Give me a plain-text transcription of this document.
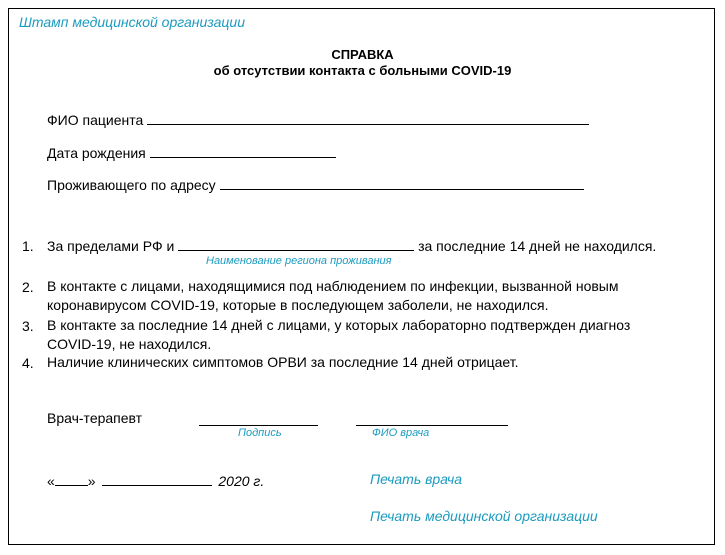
Штамп медицинской организации
СПРАВКА
об отсутствии контакта с больными COVID-19
ФИО пациента
Дата рождения
Проживающего по адресу
1. За пределами РФ и	за последние 14 дней не находился.
Наименование региона проживания
2. В контакте с лицами, находящимися под наблюдением по инфекции, вызванной новым
коронавирусом COVID-19, которые в последующем заболели, не находился.
3. В контакте за последние 14 дней с лицами, у которых лабораторно подтвержден диагноз
COVID-19, не находился.
4. Наличие клинических симптомов ОРВИ за последние 14 дней отрицает.
Врач-терапевт
Подпись	ФИО врача
« »	2020 г.	Печать врача
Печать медицинской организации
